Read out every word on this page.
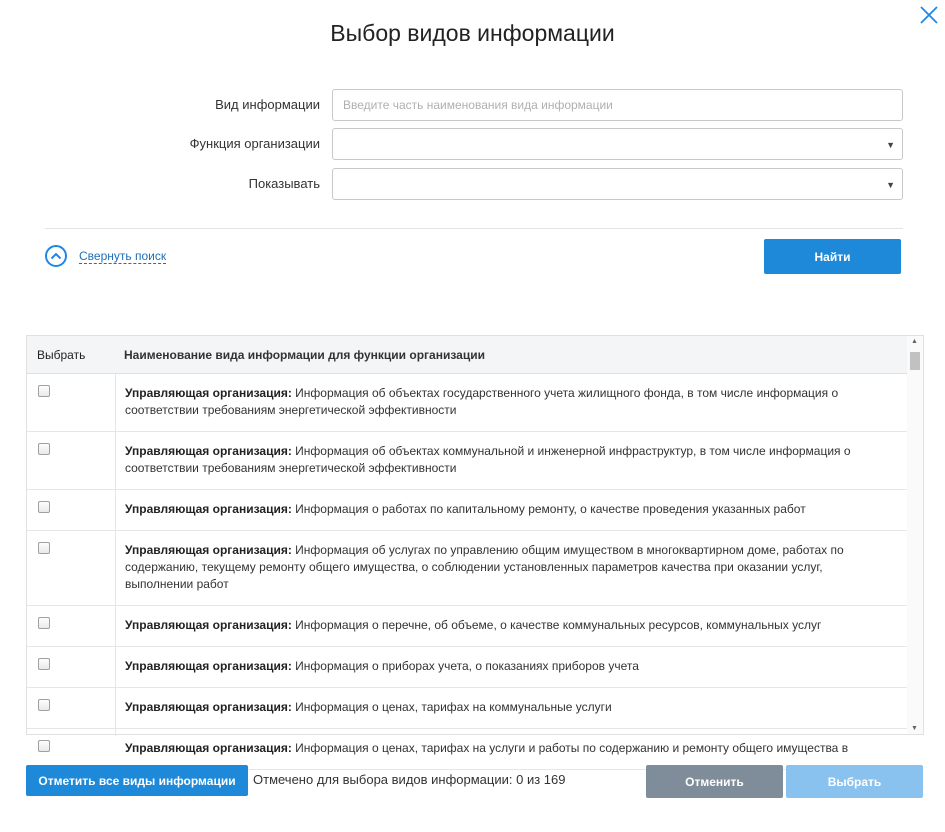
Выбор видов информации
Вид информации
Введите часть наименования вида информации
Функция организации	▼
Показывать	▼
Свернуть поиск	Найти
Выбрать	Наименование вида информации для функции организации
Управляющая организация: Информация об объектах государственного учета жилищного фонда, в том числе информация о соответствии требованиям энергетической эффективности
Управляющая организация: Информация об объектах коммунальной и инженерной инфраструктур, в том числе информация о соответствии требованиям энергетической эффективности
Управляющая организация: Информация о работах по капитальному ремонту, о качестве проведения указанных работ
Управляющая организация: Информация об услугах по управлению общим имуществом в многоквартирном доме, работах по содержанию, текущему ремонту общего имущества, о соблюдении установленных параметров качества при оказании услуг, выполнении работ
Управляющая организация: Информация о перечне, об объеме, о качестве коммунальных ресурсов, коммунальных услуг
Управляющая организация: Информация о приборах учета, о показаниях приборов учета
Управляющая организация: Информация о ценах, тарифах на коммунальные услуги
Управляющая организация: Информация о ценах, тарифах на услуги и работы по содержанию и ремонту общего имущества в
▲
▼
Отметить все виды информации	Отмечено для выбора видов информации: 0 из 169	Отменить	Выбрать
